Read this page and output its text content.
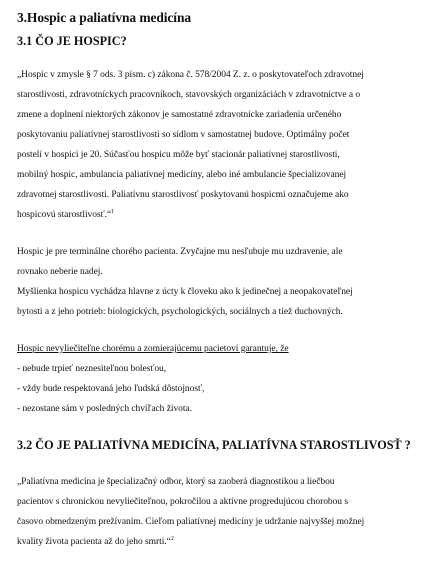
3.Hospic a paliatívna medicína
3.1 ČO JE HOSPIC?

„Hospic v zmysle § 7 ods. 3 písm. c) zákona č. 578/2004 Z. z. o poskytovateľoch zdravotnej

starostlivosti, zdravotníckych pracovníkoch, stavovských organizáciách v zdravotníctve a o

zmene a doplnení niektorých zákonov je samostatné zdravotnícke zariadenia určeného

poskytovaniu paliatívnej starostlivosti so sídlom v samostatnej budove. Optimálny počet

postelí v hospici je 20. Súčasťou hospicu môže byť stacionár paliatívnej starostlivosti,

mobilný hospic, ambulancia paliatívnej medicíny, alebo iné ambulancie špecializovanej

zdravotnej starostlivosti. Paliatívnu starostlivosť poskytovanú hospicmi označujeme ako

hospicovú starostlivosť.“$^1$

Hospic je pre terminálne chorého pacienta. Zvyčajne mu nesľubuje mu uzdravenie, ale

rovnako neberie nadej.

Myšlienka hospicu vychádza hlavne z úcty k človeku ako k jedinečnej a neopakovateľnej

bytosti a z jeho potrieb: biologických, psychologických, sociálnych a tiež duchovných.

Hospic nevyliečiteľne chorému a zomierajúcemu pacietovi garantuje, že

- nebude trpieť neznesiteľnou bolesťou,

- vždy bude respektovaná jeho ľudská dôstojnosť,

- nezostane sám v posledných chvíľach života.

3.2 ČO JE PALIATÍVNA MEDICÍNA, PALIATÍVNA STAROSTLIVOSŤ ?

„Paliatívna medicína je špecializačný odbor, ktorý sa zaoberá diagnostikou a liečbou

pacientov s chronickou nevyliečiteľnou, pokročilou a aktívne progredujúcou chorobou s

časovo obmedzeným prežívaním. Cieľom paliatívnej medicíny je udržanie najvyššej možnej

kvality života pacienta až do jeho smrti.“$^2$
